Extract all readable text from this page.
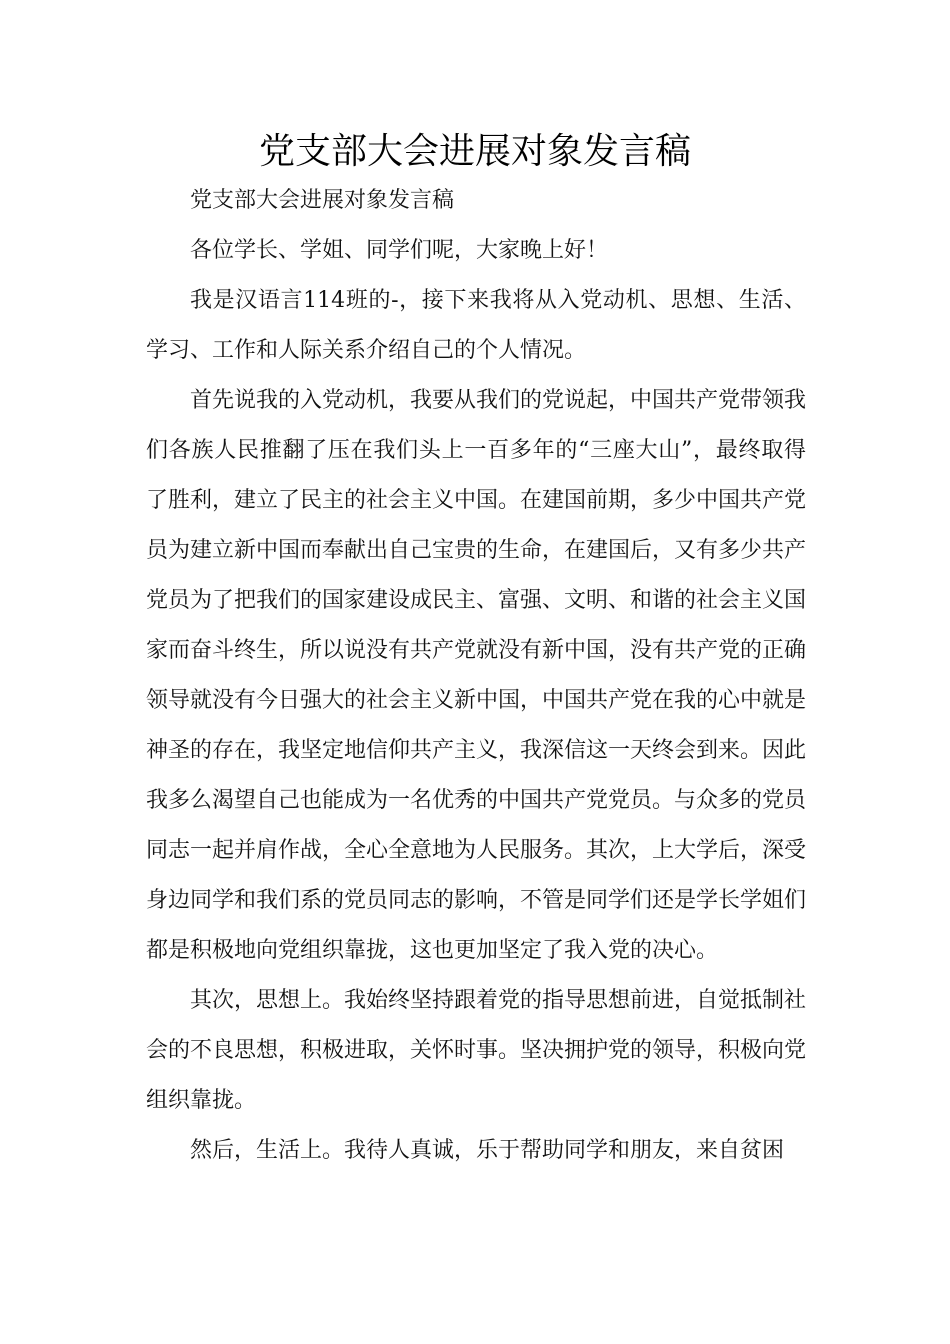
党支部大会进展对象发言稿

党支部大会进展对象发言稿

各位学长、学姐、同学们呢，大家晚上好！

我是汉语言114班的-，接下来我将从入党动机、思想、生活、学习、工作和人际关系介绍自己的个人情况。

首先说我的入党动机，我要从我们的党说起，中国共产党带领我们各族人民推翻了压在我们头上一百多年的“三座大山”，最终取得了胜利，建立了民主的社会主义中国。在建国前期，多少中国共产党员为建立新中国而奉献出自己宝贵的生命，在建国后，又有多少共产党员为了把我们的国家建设成民主、富强、文明、和谐的社会主义国家而奋斗终生，所以说没有共产党就没有新中国，没有共产党的正确领导就没有今日强大的社会主义新中国，中国共产党在我的心中就是神圣的存在，我坚定地信仰共产主义，我深信这一天终会到来。因此我多么渴望自己也能成为一名优秀的中国共产党党员。与众多的党员同志一起并肩作战，全心全意地为人民服务。其次，上大学后，深受身边同学和我们系的党员同志的影响，不管是同学们还是学长学姐们都是积极地向党组织靠拢，这也更加坚定了我入党的决心。

其次，思想上。我始终坚持跟着党的指导思想前进，自觉抵制社会的不良思想，积极进取，关怀时事。坚决拥护党的领导，积极向党组织靠拢。

然后，生活上。我待人真诚，乐于帮助同学和朋友，来自贫困
